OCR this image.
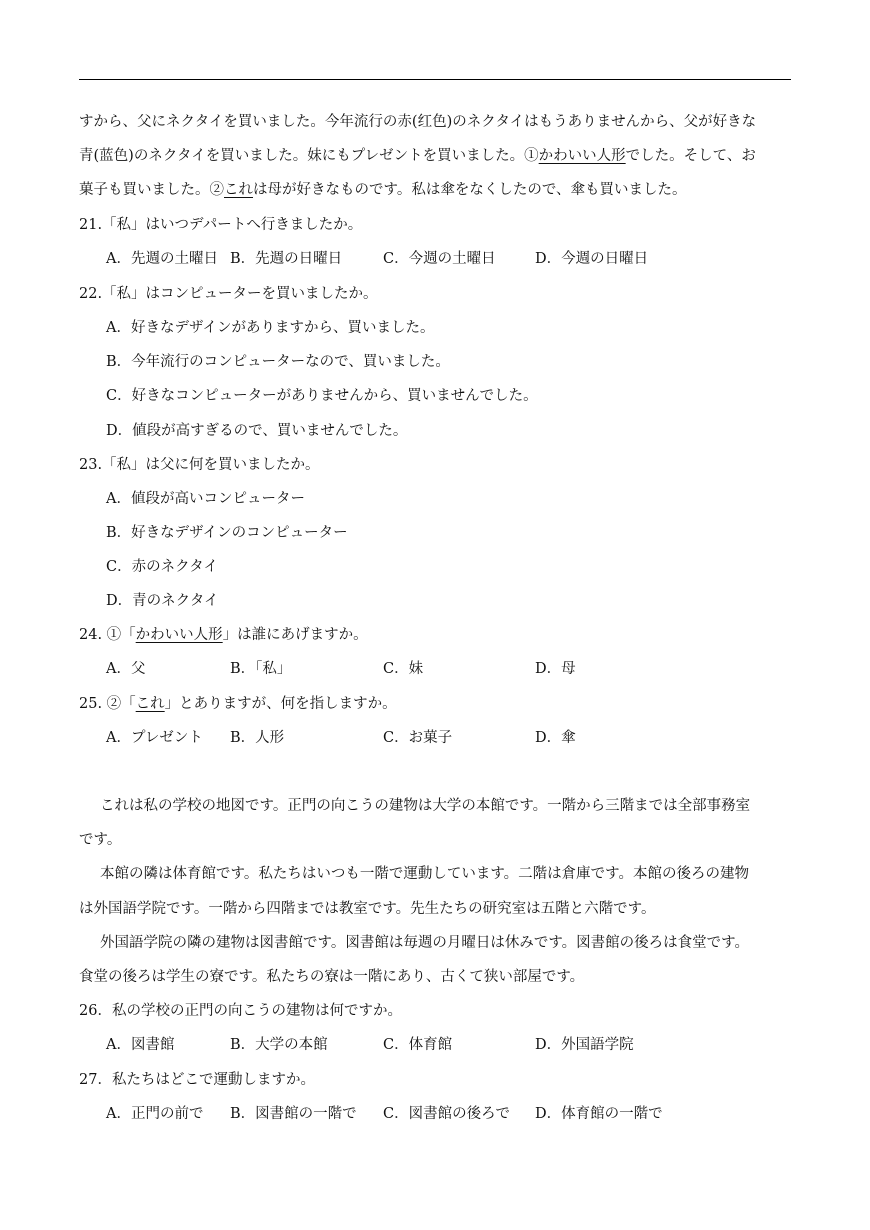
すから、父にネクタイを買いました。今年流行の赤(红色)のネクタイはもうありませんから、父が好きな
青(蓝色)のネクタイを買いました。妹にもプレゼントを買いました。①かわいい人形でした。そして、お
菓子も買いました。②これは母が好きなものです。私は傘をなくしたので、傘も買いました。
21.「私」はいつデパートへ行きましたか。
A．先週の土曜日 B．先週の日曜日	C．今週の土曜日	D．今週の日曜日
22.「私」はコンピューターを買いましたか。
A．好きなデザインがありますから、買いました。
B．今年流行のコンピューターなので、買いました。
C．好きなコンピューターがありませんから、買いませんでした。
D．値段が高すぎるので、買いませんでした。
23.「私」は父に何を買いましたか。
A．値段が高いコンピューター
B．好きなデザインのコンピューター
C．赤のネクタイ
D．青のネクタイ
24. ①「かわいい人形」は誰にあげますか。
A．父	B．「私」	C．妹	D．母
25. ②「これ」とありますが、何を指しますか。
A．プレゼント B．人形	C．お菓子	D．傘
これは私の学校の地図です。正門の向こうの建物は大学の本館です。一階から三階までは全部事務室
です。
本館の隣は体育館です。私たちはいつも一階で運動しています。二階は倉庫です。本館の後ろの建物
は外国語学院です。一階から四階までは教室です。先生たちの研究室は五階と六階です。
外国語学院の隣の建物は図書館です。図書館は毎週の月曜日は休みです。図書館の後ろは食堂です。
食堂の後ろは学生の寮です。私たちの寮は一階にあり、古くて狭い部屋です。
26．私の学校の正門の向こうの建物は何ですか。
A．図書館	B．大学の本館	C．体育館	D．外国語学院
27．私たちはどこで運動しますか。
A．正門の前で B．図書館の一階で C．図書館の後ろで D．体育館の一階で
